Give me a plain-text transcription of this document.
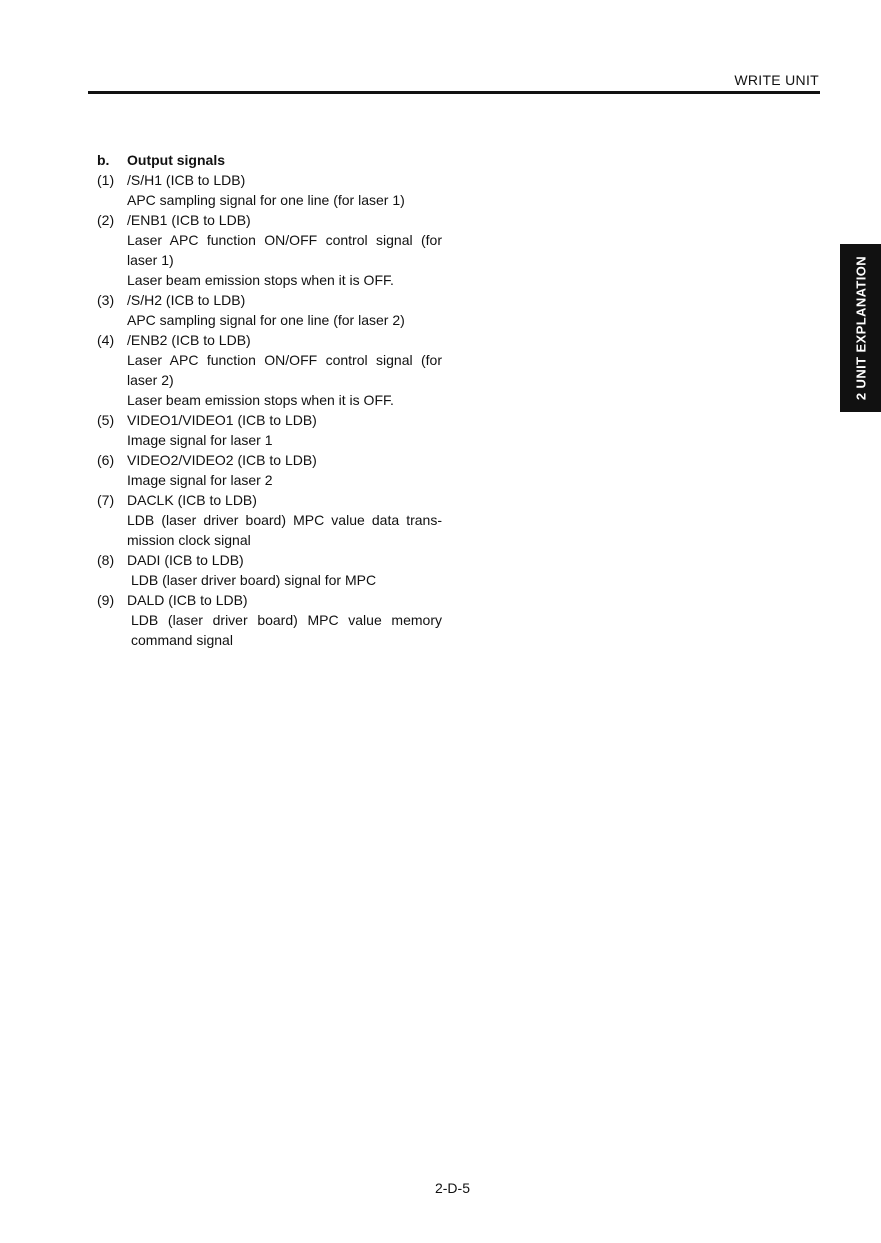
WRITE UNIT
2 UNIT EXPLANATION
b.	Output signals
(1) /S/H1 (ICB to LDB)
APC sampling signal for one line (for laser 1)
(2) /ENB1 (ICB to LDB)
Laser APC function ON/OFF control signal (for laser 1)
Laser beam emission stops when it is OFF.
(3) /S/H2 (ICB to LDB)
APC sampling signal for one line (for laser 2)
(4) /ENB2 (ICB to LDB)
Laser APC function ON/OFF control signal (for laser 2)
Laser beam emission stops when it is OFF.
(5) VIDEO1/VIDEO1 (ICB to LDB)
Image signal for laser 1
(6) VIDEO2/VIDEO2 (ICB to LDB)
Image signal for laser 2
(7) DACLK (ICB to LDB)
LDB (laser driver board) MPC value data trans-mission clock signal
(8) DADI (ICB to LDB)
LDB (laser driver board) signal for MPC
(9) DALD (ICB to LDB)
LDB (laser driver board) MPC value memory command signal
2-D-5
